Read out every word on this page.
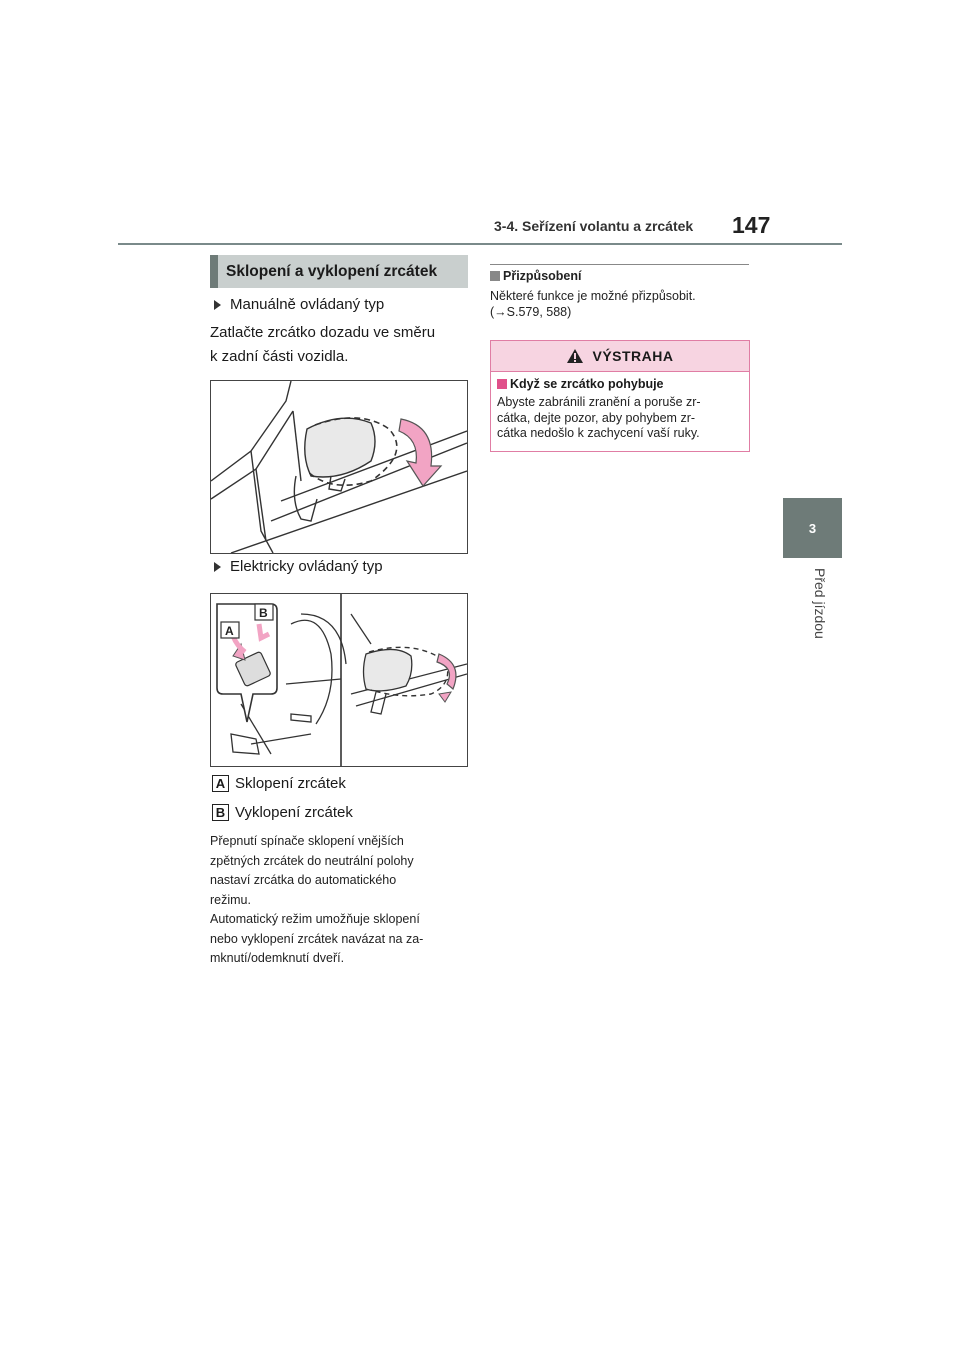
3-4. Seřízení volantu a zrcátek 147
3
Před jízdou
Sklopení a vyklopení zrcátek
Manuálně ovládaný typ
Zatlačte zrcátko dozadu ve směru
k zadní části vozidla.
Elektricky ovládaný typ
A
B
A Sklopení zrcátek
B Vyklopení zrcátek
Přepnutí spínače sklopení vnějších
zpětných zrcátek do neutrální polohy
nastaví zrcátka do automatického
režimu.
Automatický režim umožňuje sklopení
nebo vyklopení zrcátek navázat na za-
mknutí/odemknutí dveří.
Přizpůsobení
Některé funkce je možné přizpůsobit.
(→S.579, 588)
VÝSTRAHA
Když se zrcátko pohybuje
Abyste zabránili zranění a poruše zr-
cátka, dejte pozor, aby pohybem zr-
cátka nedošlo k zachycení vaší ruky.
